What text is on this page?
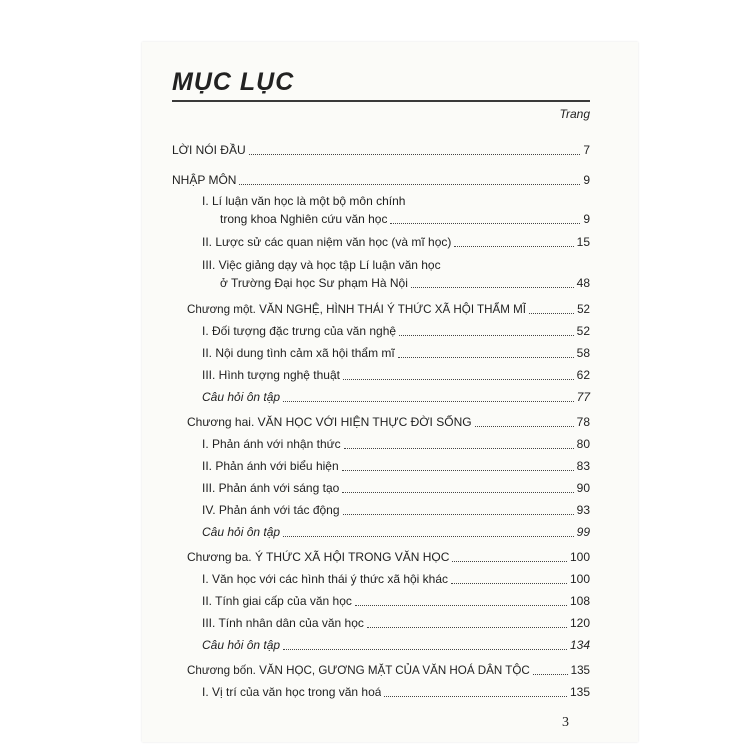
MỤC LỤC
Trang
LỜI NÓI ĐẦU	7
NHẬP MÔN	9
I. Lí luận văn học là một bộ môn chính
trong khoa Nghiên cứu văn học	9
II. Lược sử các quan niệm văn học (và mĩ học)	15
III. Việc giảng dạy và học tập Lí luận văn học
ở Trường Đại học Sư phạm Hà Nội	48
Chương một. VĂN NGHỆ, HÌNH THÁI Ý THỨC XÃ HỘI THẨM MĨ	52
I. Đối tượng đặc trưng của văn nghệ	52
II. Nội dung tình cảm xã hội thẩm mĩ	58
III. Hình tượng nghệ thuật	62
Câu hỏi ôn tập	77
Chương hai. VĂN HỌC VỚI HIỆN THỰC ĐỜI SỐNG	78
I. Phản ánh với nhận thức	80
II. Phản ánh với biểu hiện	83
III. Phản ánh với sáng tạo	90
IV. Phản ánh với tác động	93
Câu hỏi ôn tập	99
Chương ba. Ý THỨC XÃ HỘI TRONG VĂN HỌC	100
I. Văn học với các hình thái ý thức xã hội khác	100
II. Tính giai cấp của văn học	108
III. Tính nhân dân của văn học	120
Câu hỏi ôn tập	134
Chương bốn. VĂN HỌC, GƯƠNG MẶT CỦA VĂN HOÁ DÂN TỘC	135
I. Vị trí của văn học trong văn hoá	135
3
